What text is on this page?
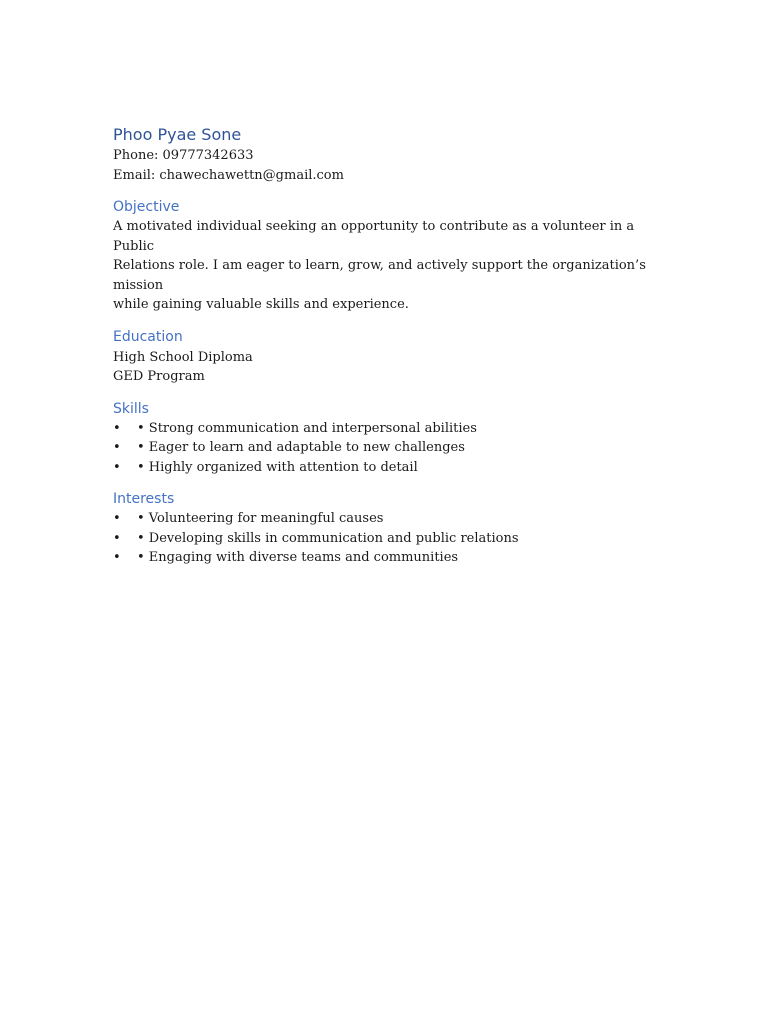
Phoo Pyae Sone
Phone: 09777342633
Email: chawechawettn@gmail.com
Objective

A motivated individual seeking an opportunity to contribute as a volunteer in a Public
Relations role. I am eager to learn, grow, and actively support the organization’s mission
while gaining valuable skills and experience.

Education
High School Diploma
GED Program
Skills
• • Strong communication and interpersonal abilities
• • Eager to learn and adaptable to new challenges
• • Highly organized with attention to detail
Interests
• • Volunteering for meaningful causes
• • Developing skills in communication and public relations
• • Engaging with diverse teams and communities
